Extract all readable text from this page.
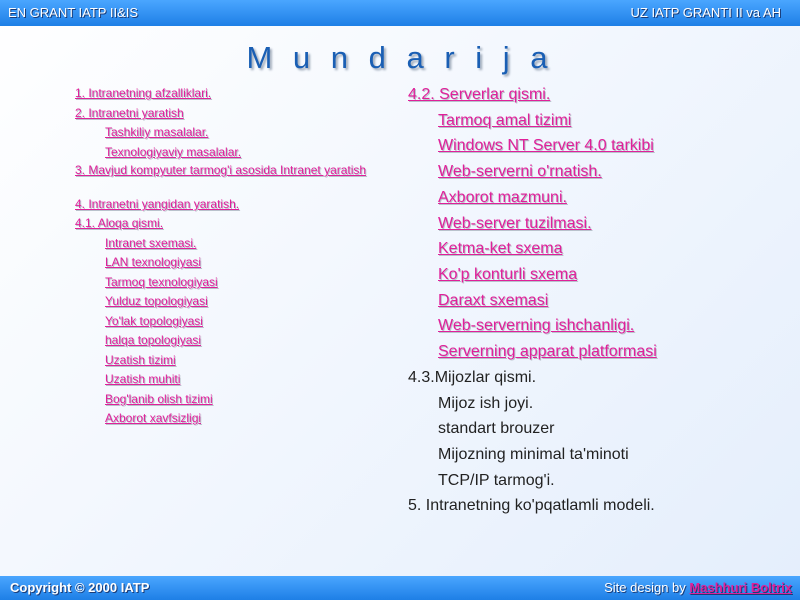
EN GRANT IATP II&IS	UZ IATP GRANTI II va AH
M u n d a r i j a
1. Intranetning afzalliklari.
2. Intranetni yaratish
Tashkiliy masalalar.
Texnologiyaviy masalalar.
3. Mavjud kompyuter tarmog'i asosida Intranet yaratish
4. Intranetni yangidan yaratish.
4.1. Aloqa qismi.
Intranet sxemasi.
LAN texnologiyasi
Tarmoq texnologiyasi
Yulduz topologiyasi
Yo'lak topologiyasi
halqa topologiyasi
Uzatish tizimi
Uzatish muhiti
Bog'lanib olish tizimi
Axborot xavfsizligi
4.2. Serverlar qismi.
Tarmoq amal tizimi
Windows NT Server 4.0 tarkibi
Web-serverni o'rnatish.
Axborot mazmuni.
Web-server tuzilmasi.
Ketma-ket sxema
Ko'p konturli sxema
Daraxt sxemasi
Web-serverning ishchanligi.
Serverning apparat platformasi
4.3.Mijozlar qismi.
Mijoz ish joyi.
standart brouzer
Mijozning minimal ta'minoti
TCP/IP tarmog'i.
5. Intranetning ko'pqatlamli modeli.
Copyright © 2000 IATP	Site design by Mashhuri Boltrix
